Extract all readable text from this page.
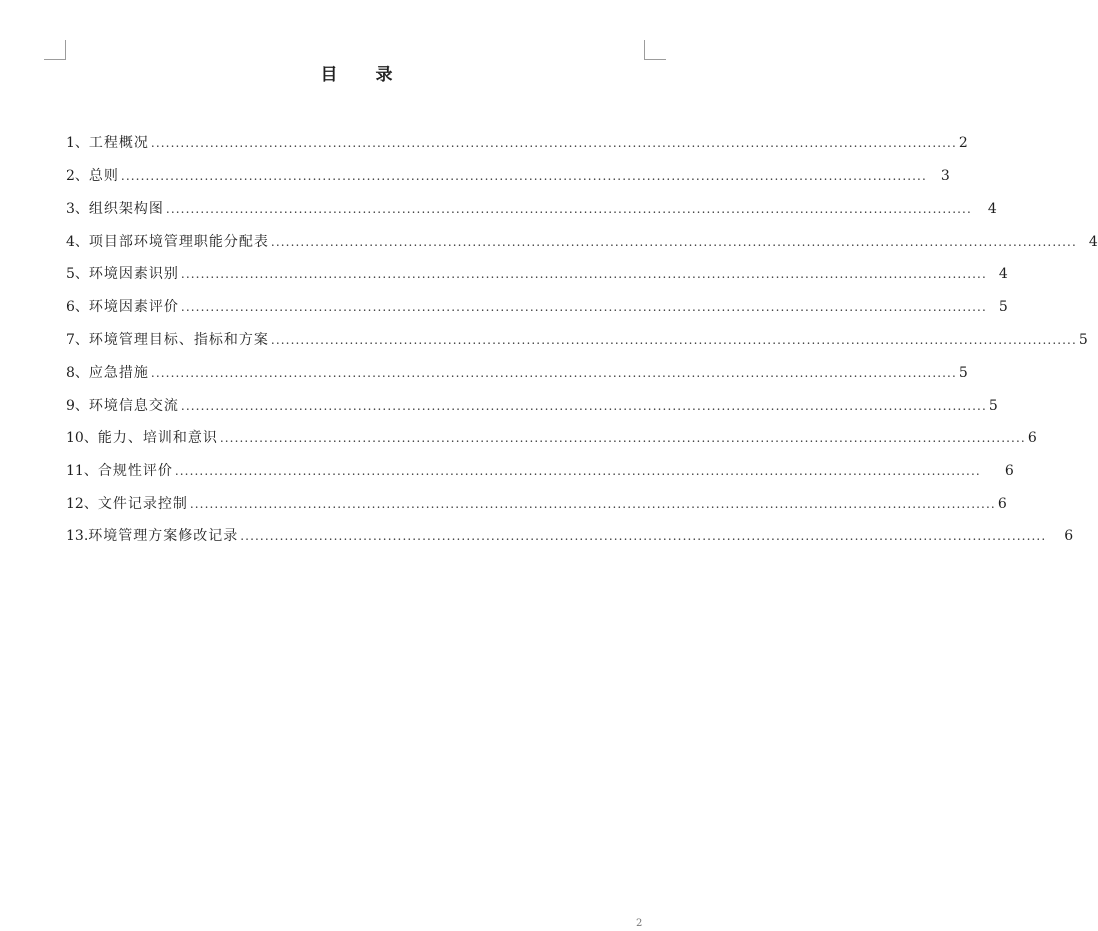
目 录
1、 工程概况 .................................................................................................................................................................... 2
2、 总则 .................................................................................................................................................................... 3
3、 组织架构图 .................................................................................................................................................................... 4
4、 项目部环境管理职能分配表 .................................................................................................................................................................... 4
5、 环境因素识别 .................................................................................................................................................................... 4
6、 环境因素评价 .................................................................................................................................................................... 5
7、 环境管理目标、指标和方案 .................................................................................................................................................................... 5
8、 应急措施 .................................................................................................................................................................... 5
9、 环境信息交流 .................................................................................................................................................................... 5
10、 能力、培训和意识 .................................................................................................................................................................... 6
11、 合规性评价 .................................................................................................................................................................... 6
12、 文件记录控制 .................................................................................................................................................................... 6
13. 环境管理方案修改记录 .................................................................................................................................................................... 6
2
